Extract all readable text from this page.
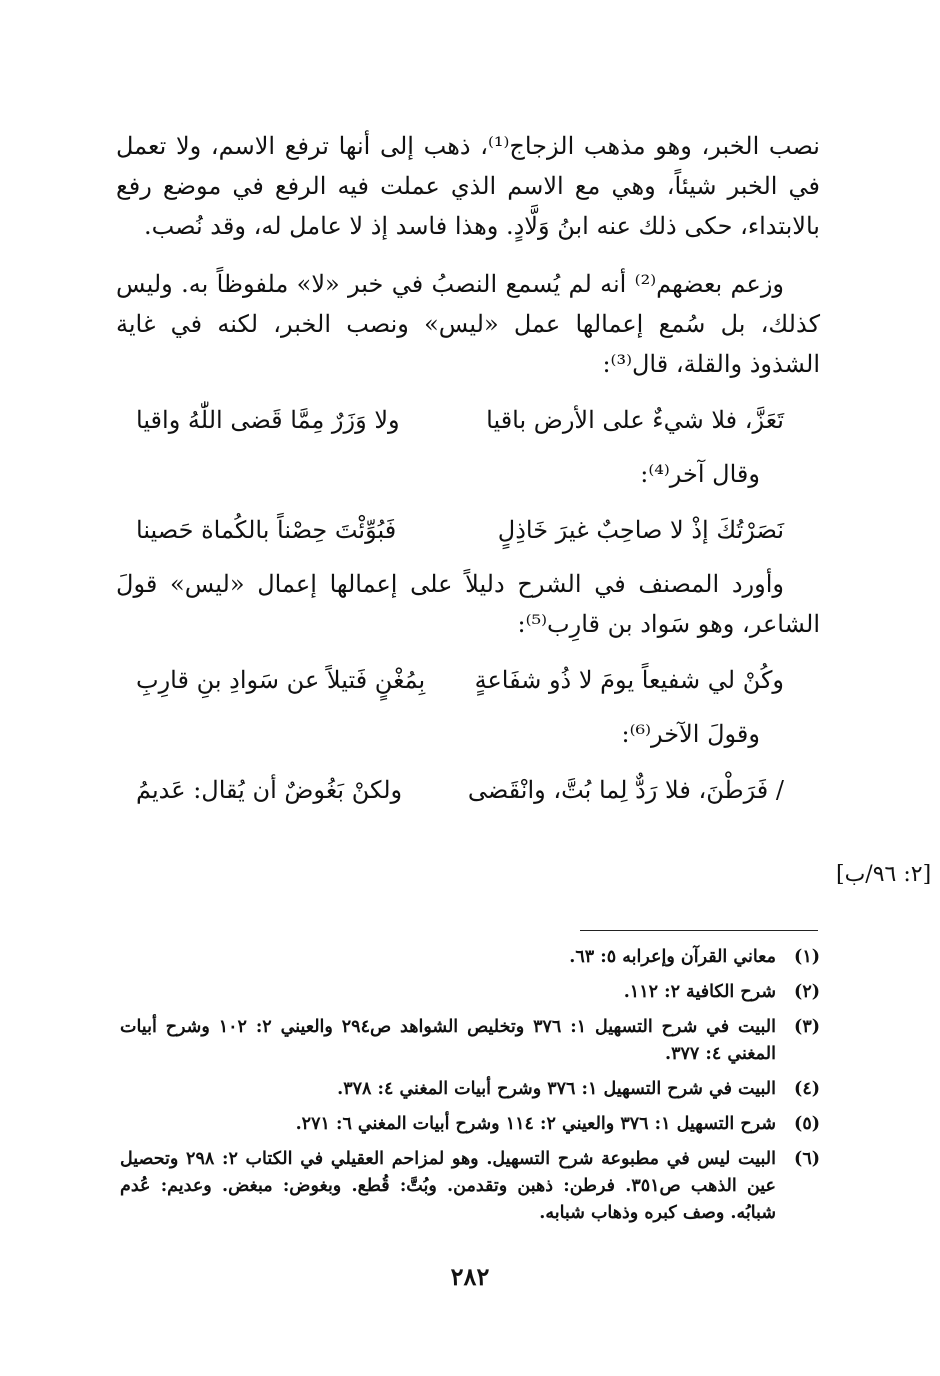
نصب الخبر، وهو مذهب الزجاج⁽¹⁾، ذهب إلى أنها ترفع الاسم، ولا تعمل في الخبر شيئاً، وهي مع الاسم الذي عملت فيه الرفع في موضع رفع بالابتداء، حكى ذلك عنه ابنُ وَلَّادٍ. وهذا فاسد إذ لا عامل له، وقد نُصب.

وزعم بعضهم⁽²⁾ أنه لم يُسمع النصبُ في خبر «لا» ملفوظاً به. وليس كذلك، بل سُمع إعمالها عمل «ليس» ونصب الخبر، لكنه في غاية الشذوذ والقلة، قال⁽³⁾:

تَعَزَّ، فلا شيءٌ على الأرض باقيا
ولا وَزَرٌ مِمَّا قَضى اللّٰهُ واقيا

وقال آخر⁽⁴⁾:

نَصَرْتُكَ إذْ لا صاحِبٌ غيرَ خَاذِلٍ
فَبُوِّئْتَ حِصْناً بالكُماة حَصينا

وأورد المصنف في الشرح دليلاً على إعمالها إعمال «ليس» قولَ الشاعر، وهو سَواد بن قارِب⁽⁵⁾:

وكُنْ لي شفيعاً يومَ لا ذُو شفَاعةٍ
بِمُغْنٍ فَتيلاً عن سَوادِ بنِ قارِبِ

وقولَ الآخر⁽⁶⁾:

/ فَرَطْنَ، فلا رَدٌّ لِما بُتَّ، وانْقَضى
ولكنْ بَغُوضٌ أن يُقال: عَديمُ
[٢: ٩٦/ب]
(١)
معاني القرآن وإعرابه ٥: ٦٣.
(٢)
شرح الكافية ٢: ١١٢.
(٣)
البيت في شرح التسهيل ١: ٣٧٦ وتخليص الشواهد ص٢٩٤ والعيني ٢: ١٠٢ وشرح أبيات المغني ٤: ٣٧٧.
(٤)
البيت في شرح التسهيل ١: ٣٧٦ وشرح أبيات المغني ٤: ٣٧٨.
(٥)
شرح التسهيل ١: ٣٧٦ والعيني ٢: ١١٤ وشرح أبيات المغني ٦: ٢٧١.
(٦)
البيت ليس في مطبوعة شرح التسهيل. وهو لمزاحم العقيلي في الكتاب ٢: ٢٩٨ وتحصيل عين الذهب ص٣٥١. فرطن: ذهبن وتقدمن. وبُتَّ: قُطع. وبغوض: مبغض. وعديم: عُدم شبابُه. وصف كبره وذهاب شبابه.
٢٨٢
